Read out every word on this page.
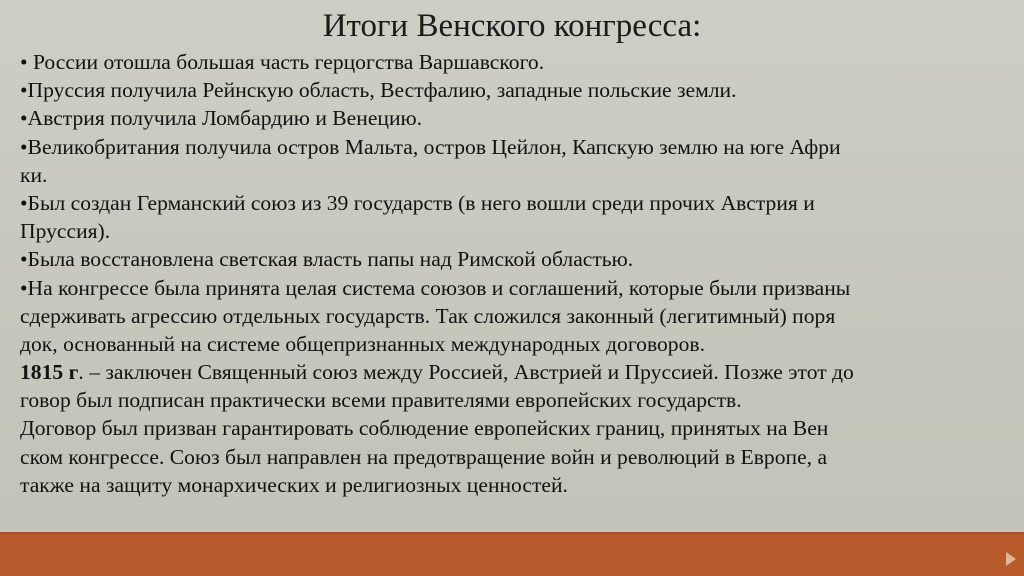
Итоги Венского конгресса:
• России отошла большая часть герцогства Варшавского.
•Пруссия получила Рейнскую область, Вестфалию, западные польские земли.
•Австрия получила Ломбардию и Венецию.
•Великобритания получила остров Мальта, остров Цейлон, Капскую землю на юге Афри
ки.
•Был создан Германский союз из 39 государств (в него вошли среди прочих Австрия и
Пруссия).
•Была восстановлена светская власть папы над Римской областью.
•На конгрессе была принята целая система союзов и соглашений, которые были призваны
сдерживать агрессию отдельных государств. Так сложился законный (легитимный) поря
док, основанный на системе общепризнанных международных договоров.
1815 г. – заключен Священный союз между Россией, Австрией и Пруссией. Позже этот до
говор был подписан практически всеми правителями европейских государств.
Договор был призван гарантировать соблюдение европейских границ, принятых на Вен
ском конгрессе. Союз был направлен на предотвращение войн и революций в Европе, а
также на защиту монархических и религиозных ценностей.
